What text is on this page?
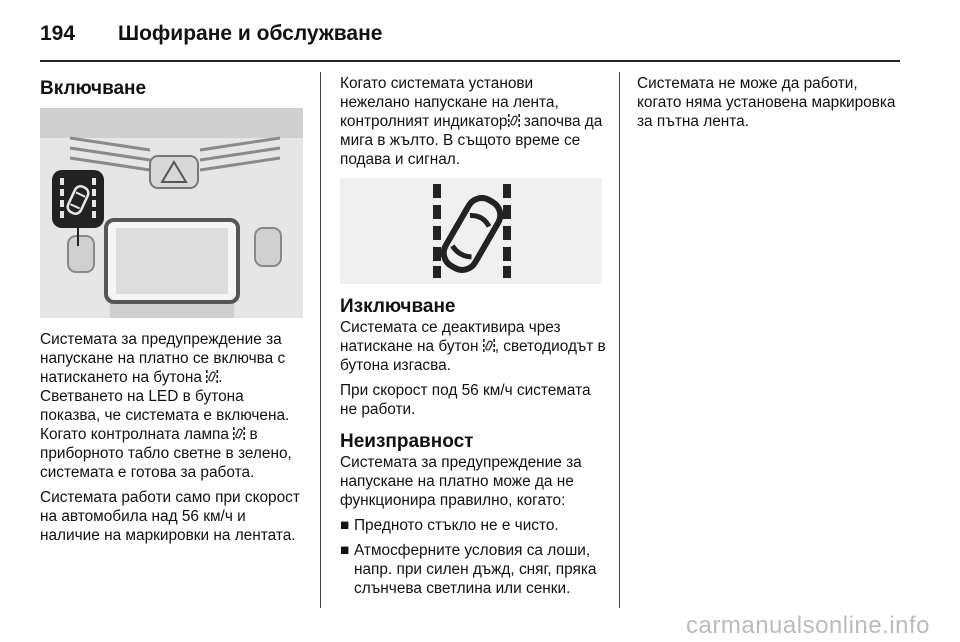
194 Шофиране и обслужване
Включване

Системата за предупреждение за напускане на платно се включва с натискането на бутона .
Светването на LED в бутона показва, че системата е включена.
Когато контролната лампа  в приборното табло светне в зелено, системата е готова за работа.

Системата работи само при скорост на автомобила над 56 км/ч и наличие на маркировки на лентата.

Когато системата установи нежелано напускане на лента, контролният индикатор започва да мига в жълто. В същото време се подава и сигнал.

Изключване

Системата се деактивира чрез натискане на бутон , светодиодът в бутона изгасва.

При скорост под 56 км/ч системата не работи.

Неизправност

Системата за предупреждение за напускане на платно може да не функционира правилно, когато:

■ Предното стъкло не е чисто.
■ Атмосферните условия са лоши, напр. при силен дъжд, сняг, пряка слънчева светлина или сенки.

Системата не може да работи, когато няма установена маркировка за пътна лента.

carmanualsonline.info
